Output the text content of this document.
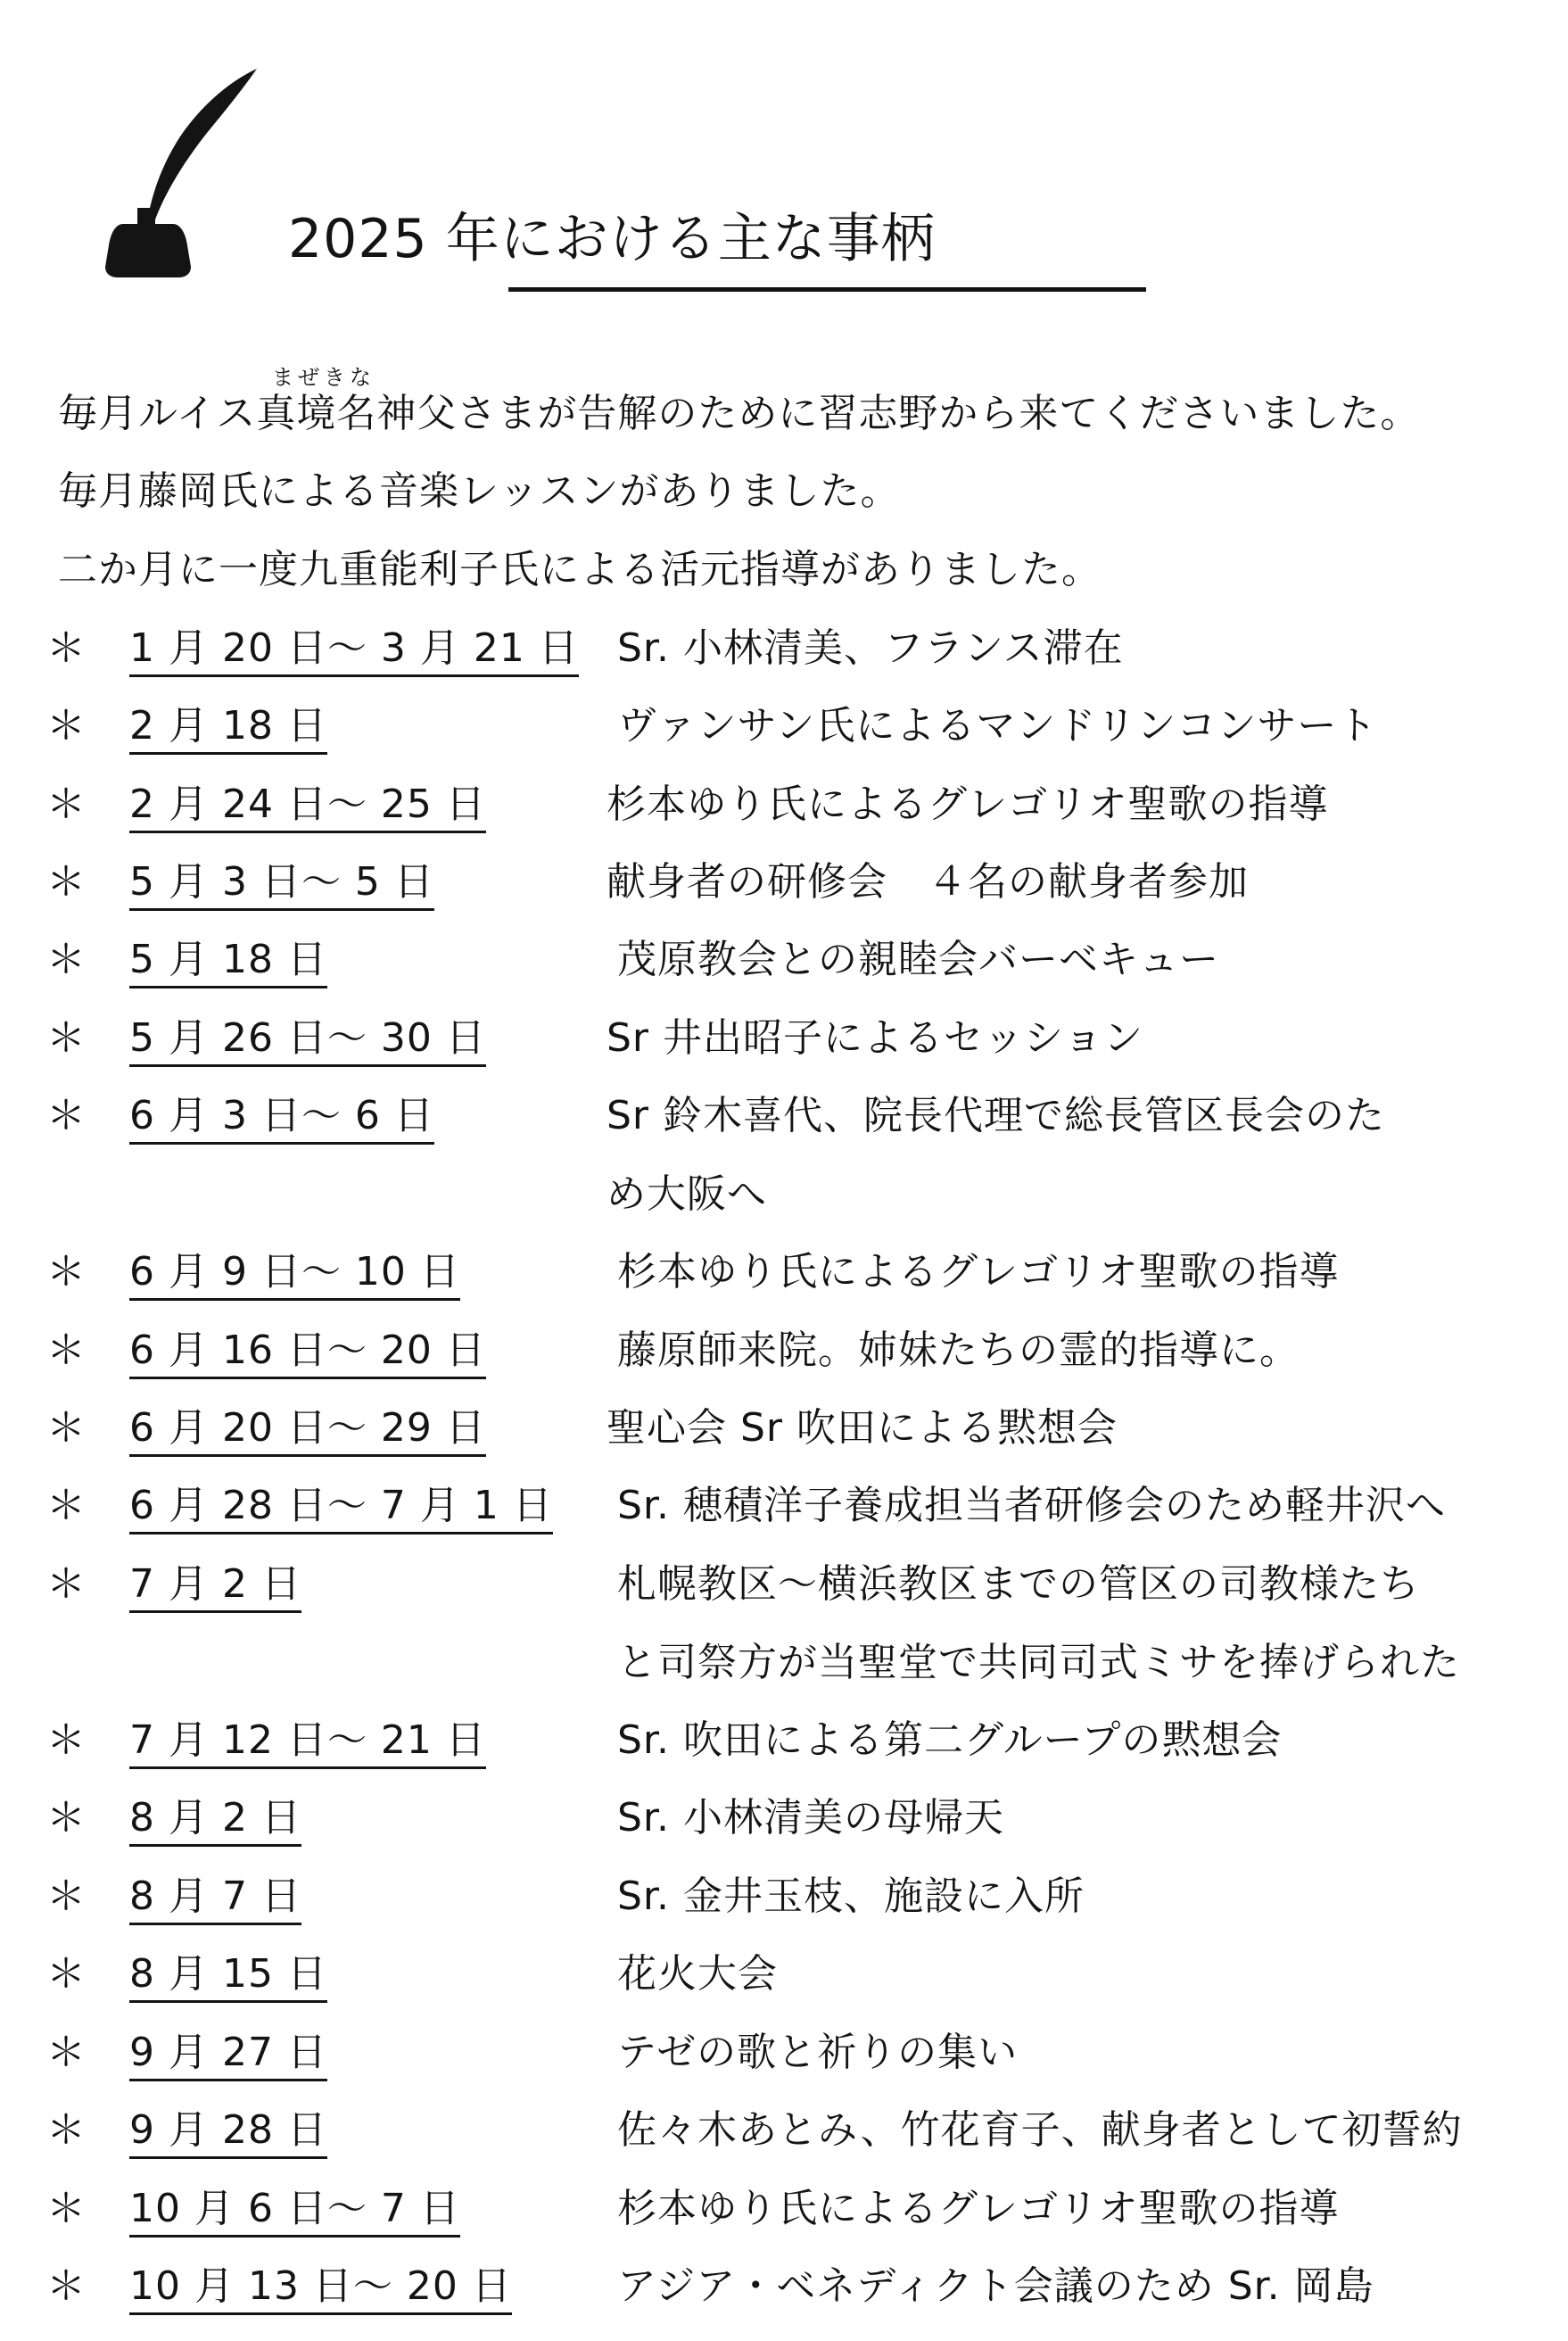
2025 年における主な事柄
まぜきな
毎月ルイス真境名神父さまが告解のために習志野から来てくださいました。
毎月藤岡氏による音楽レッスンがありました。
二か月に一度九重能利子氏による活元指導がありました。
＊ 1 月 20 日～ 3 月 21 日 Sr. 小林清美、フランス滞在
＊ 2 月 18 日	ヴァンサン氏によるマンドリンコンサート
＊ 2 月 24 日～ 25 日	杉本ゆり氏によるグレゴリオ聖歌の指導
＊ 5 月 3 日～ 5 日	献身者の研修会　４名の献身者参加
＊ 5 月 18 日	茂原教会との親睦会バーベキュー
＊ 5 月 26 日～ 30 日	Sr 井出昭子によるセッション
＊ 6 月 3 日～ 6 日	Sr 鈴木喜代、院長代理で総長管区長会のた
め大阪へ
＊ 6 月 9 日～ 10 日	杉本ゆり氏によるグレゴリオ聖歌の指導
＊ 6 月 16 日～ 20 日	藤原師来院。姉妹たちの霊的指導に。
＊ 6 月 20 日～ 29 日	聖心会 Sr 吹田による黙想会
＊ 6 月 28 日～ 7 月 1 日 Sr. 穂積洋子養成担当者研修会のため軽井沢へ
＊ 7 月 2 日	札幌教区～横浜教区までの管区の司教様たち
と司祭方が当聖堂で共同司式ミサを捧げられた
＊ 7 月 12 日～ 21 日	Sr. 吹田による第二グループの黙想会
＊ 8 月 2 日	Sr. 小林清美の母帰天
＊ 8 月 7 日	Sr. 金井玉枝、施設に入所
＊ 8 月 15 日	花火大会
＊ 9 月 27 日	テゼの歌と祈りの集い
＊ 9 月 28 日	佐々木あとみ、竹花育子、献身者として初誓約
＊ 10 月 6 日～ 7 日	杉本ゆり氏によるグレゴリオ聖歌の指導
＊ 10 月 13 日～ 20 日	アジア・ベネディクト会議のため Sr. 岡島
